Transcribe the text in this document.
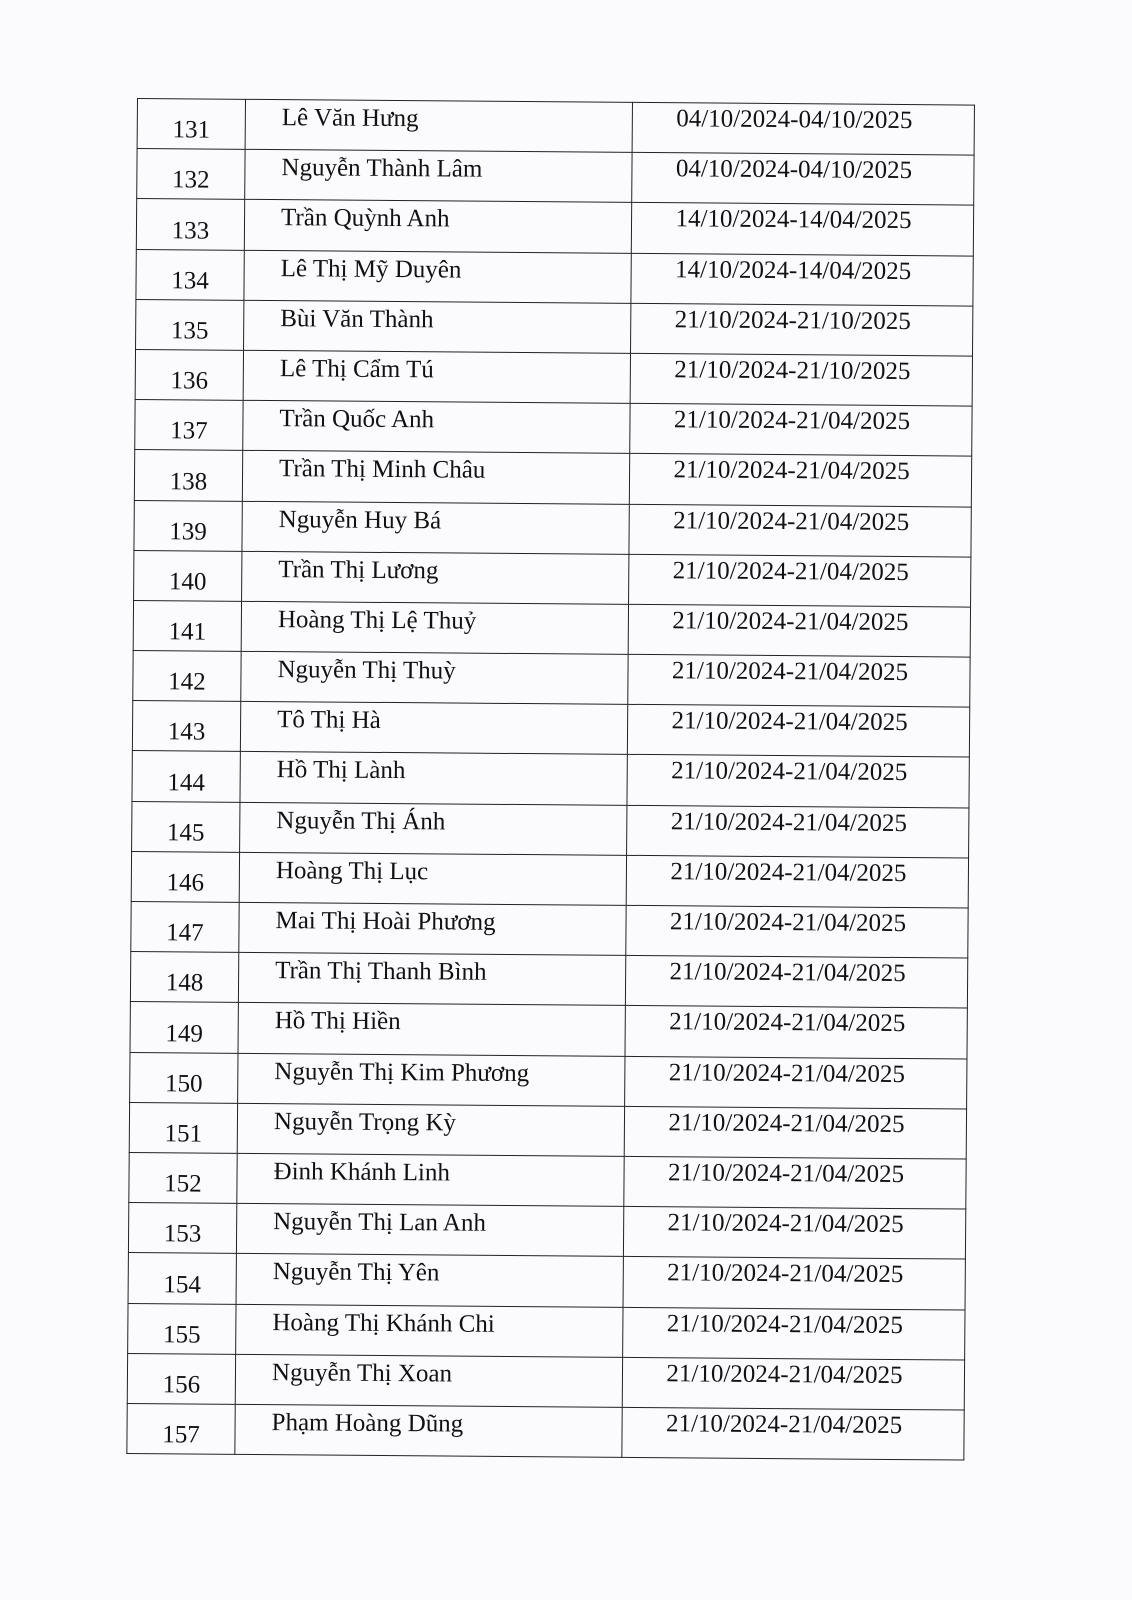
131	Lê Văn Hưng	04/10/2024-04/10/2025
132	Nguyễn Thành Lâm	04/10/2024-04/10/2025
133	Trần Quỳnh Anh	14/10/2024-14/04/2025
134	Lê Thị Mỹ Duyên	14/10/2024-14/04/2025
135	Bùi Văn Thành	21/10/2024-21/10/2025
136	Lê Thị Cẩm Tú	21/10/2024-21/10/2025
137	Trần Quốc Anh	21/10/2024-21/04/2025
138	Trần Thị Minh Châu	21/10/2024-21/04/2025
139	Nguyễn Huy Bá	21/10/2024-21/04/2025
140	Trần Thị Lương	21/10/2024-21/04/2025
141	Hoàng Thị Lệ Thuỷ	21/10/2024-21/04/2025
142	Nguyễn Thị Thuỳ	21/10/2024-21/04/2025
143	Tô Thị Hà	21/10/2024-21/04/2025
144	Hồ Thị Lành	21/10/2024-21/04/2025
145	Nguyễn Thị Ánh	21/10/2024-21/04/2025
146	Hoàng Thị Lục	21/10/2024-21/04/2025
147	Mai Thị Hoài Phương	21/10/2024-21/04/2025
148	Trần Thị Thanh Bình	21/10/2024-21/04/2025
149	Hồ Thị Hiền	21/10/2024-21/04/2025
150	Nguyễn Thị Kim Phương	21/10/2024-21/04/2025
151	Nguyễn Trọng Kỳ	21/10/2024-21/04/2025
152	Đinh Khánh Linh	21/10/2024-21/04/2025
153	Nguyễn Thị Lan Anh	21/10/2024-21/04/2025
154	Nguyễn Thị Yên	21/10/2024-21/04/2025
155	Hoàng Thị Khánh Chi	21/10/2024-21/04/2025
156	Nguyễn Thị Xoan	21/10/2024-21/04/2025
157	Phạm Hoàng Dũng	21/10/2024-21/04/2025
